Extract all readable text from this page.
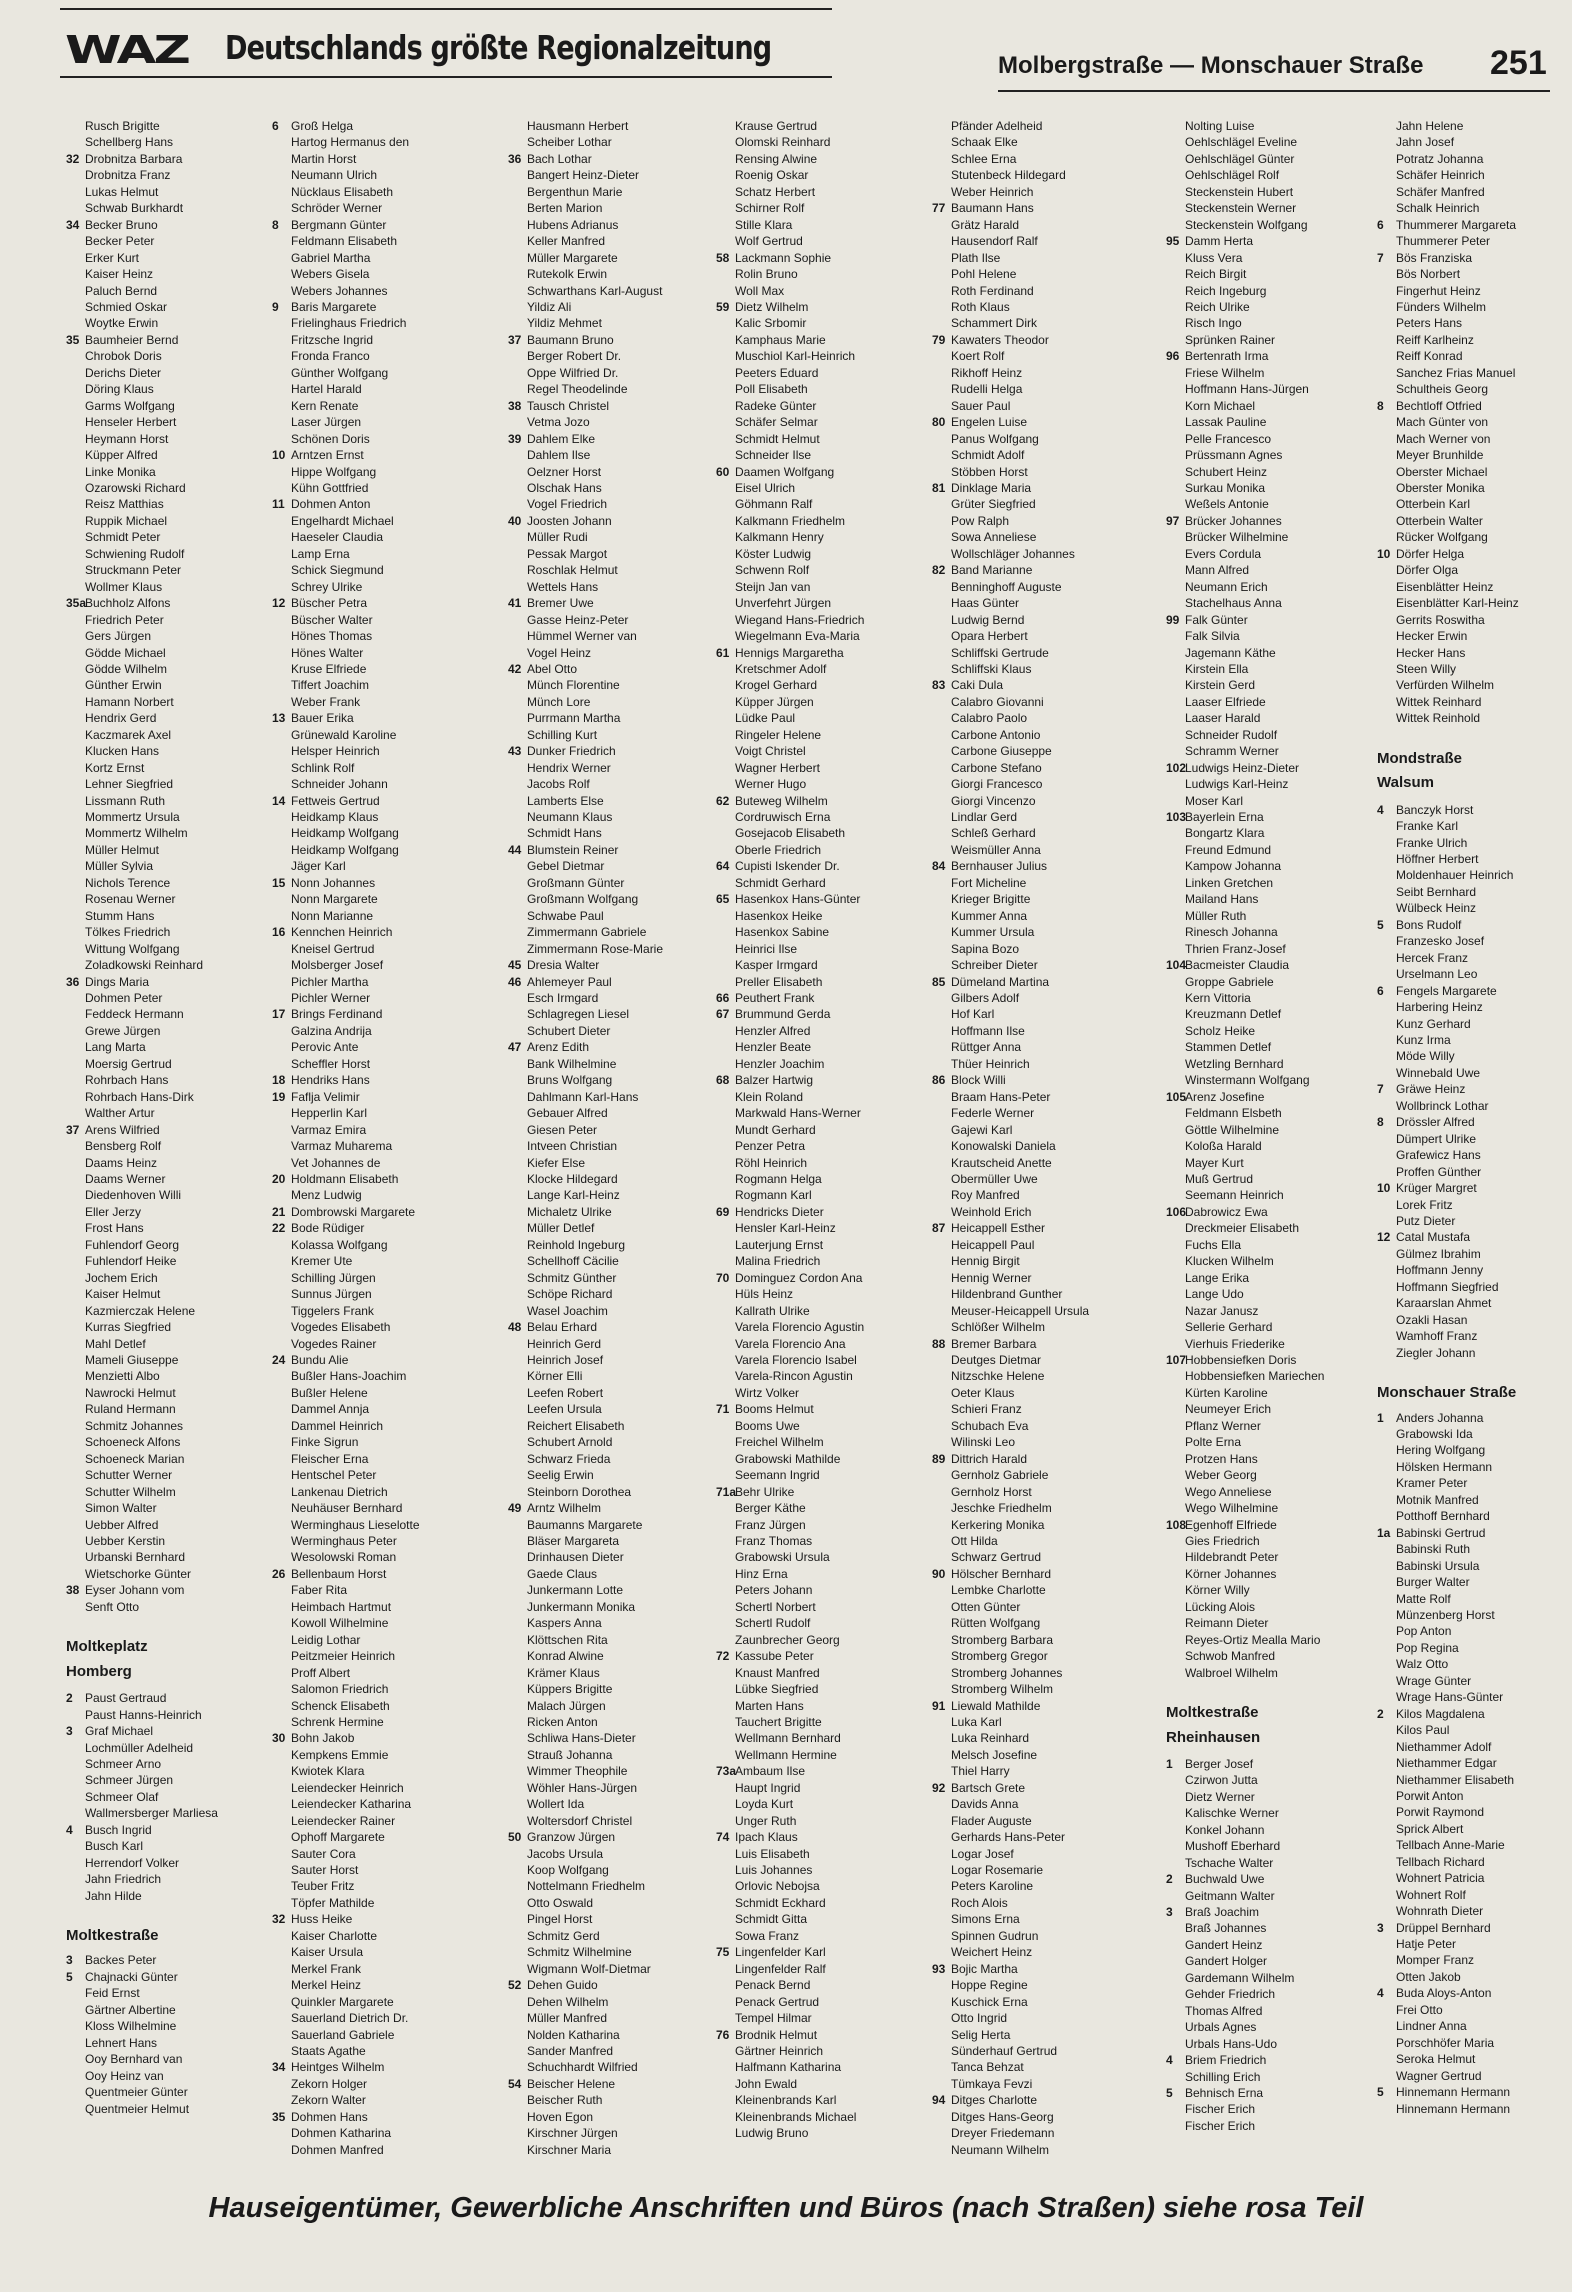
WAZ Deutschlands größte Regionalzeitung	Molbergstraße — Monschauer Straße 251
Rusch Brigitte
Schellberg Hans
32 Drobnitza Barbara
Drobnitza Franz
Lukas Helmut
Schwab Burkhardt
34 Becker Bruno
Becker Peter
Erker Kurt
Kaiser Heinz
Paluch Bernd
Schmied Oskar
Woytke Erwin
35 Baumheier Bernd
Chrobok Doris
Derichs Dieter
Döring Klaus
Garms Wolfgang
Henseler Herbert
Heymann Horst
Küpper Alfred
Linke Monika
Ozarowski Richard
Reisz Matthias
Ruppik Michael
Schmidt Peter
Schwiening Rudolf
Struckmann Peter
Wollmer Klaus
35aBuchholz Alfons
Friedrich Peter
Gers Jürgen
Gödde Michael
Gödde Wilhelm
Günther Erwin
Hamann Norbert
Hendrix Gerd
Kaczmarek Axel
Klucken Hans
Kortz Ernst
Lehner Siegfried
Lissmann Ruth
Mommertz Ursula
Mommertz Wilhelm
Müller Helmut
Müller Sylvia
Nichols Terence
Rosenau Werner
Stumm Hans
Tölkes Friedrich
Wittung Wolfgang
Zoladkowski Reinhard
36 Dings Maria
Dohmen Peter
Feddeck Hermann
Grewe Jürgen
Lang Marta
Moersig Gertrud
Rohrbach Hans
Rohrbach Hans-Dirk
Walther Artur
37 Arens Wilfried
Bensberg Rolf
Daams Heinz
Daams Werner
Diedenhoven Willi
Eller Jerzy
Frost Hans
Fuhlendorf Georg
Fuhlendorf Heike
Jochem Erich
Kaiser Helmut
Kazmierczak Helene
Kurras Siegfried
Mahl Detlef
Mameli Giuseppe
Menzietti Albo
Nawrocki Helmut
Ruland Hermann
Schmitz Johannes
Schoeneck Alfons
Schoeneck Marian
Schutter Werner
Schutter Wilhelm
Simon Walter
Uebber Alfred
Uebber Kerstin
Urbanski Bernhard
Wietschorke Günter
38 Eyser Johann vom
Senft Otto
Moltkeplatz
Homberg
2 Paust Gertraud
Paust Hanns-Heinrich
3 Graf Michael
Lochmüller Adelheid
Schmeer Arno
Schmeer Jürgen
Schmeer Olaf
Wallmersberger Marliesa
4 Busch Ingrid
Busch Karl
Herrendorf Volker
Jahn Friedrich
Jahn Hilde
Moltkestraße
3 Backes Peter
5 Chajnacki Günter
Feid Ernst
Gärtner Albertine
Kloss Wilhelmine
Lehnert Hans
Ooy Bernhard van
Ooy Heinz van
Quentmeier Günter
Quentmeier Helmut
6 Groß Helga
Hartog Hermanus den
Martin Horst
Neumann Ulrich
Nücklaus Elisabeth
Schröder Werner
8 Bergmann Günter
Feldmann Elisabeth
Gabriel Martha
Webers Gisela
Webers Johannes
9 Baris Margarete
Frielinghaus Friedrich
Fritzsche Ingrid
Fronda Franco
Günther Wolfgang
Hartel Harald
Kern Renate
Laser Jürgen
Schönen Doris
10 Arntzen Ernst
Hippe Wolfgang
Kühn Gottfried
11 Dohmen Anton
Engelhardt Michael
Haeseler Claudia
Lamp Erna
Schick Siegmund
Schrey Ulrike
12 Büscher Petra
Büscher Walter
Hönes Thomas
Hönes Walter
Kruse Elfriede
Tiffert Joachim
Weber Frank
13 Bauer Erika
Grünewald Karoline
Helsper Heinrich
Schlink Rolf
Schneider Johann
14 Fettweis Gertrud
Heidkamp Klaus
Heidkamp Wolfgang
Heidkamp Wolfgang
Jäger Karl
15 Nonn Johannes
Nonn Margarete
Nonn Marianne
16 Kennchen Heinrich
Kneisel Gertrud
Molsberger Josef
Pichler Martha
Pichler Werner
17 Brings Ferdinand
Galzina Andrija
Perovic Ante
Scheffler Horst
18 Hendriks Hans
19 Faflja Velimir
Hepperlin Karl
Varmaz Emira
Varmaz Muharema
Vet Johannes de
20 Holdmann Elisabeth
Menz Ludwig
21 Dombrowski Margarete
22 Bode Rüdiger
Kolassa Wolfgang
Kremer Ute
Schilling Jürgen
Sunnus Jürgen
Tiggelers Frank
Vogedes Elisabeth
Vogedes Rainer
24 Bundu Alie
Bußler Hans-Joachim
Bußler Helene
Dammel Annja
Dammel Heinrich
Finke Sigrun
Fleischer Erna
Hentschel Peter
Lankenau Dietrich
Neuhäuser Bernhard
Werminghaus Lieselotte
Werminghaus Peter
Wesolowski Roman
26 Bellenbaum Horst
Faber Rita
Heimbach Hartmut
Kowoll Wilhelmine
Leidig Lothar
Peitzmeier Heinrich
Proff Albert
Salomon Friedrich
Schenck Elisabeth
Schrenk Hermine
30 Bohn Jakob
Kempkens Emmie
Kwiotek Klara
Leiendecker Heinrich
Leiendecker Katharina
Leiendecker Rainer
Ophoff Margarete
Sauter Cora
Sauter Horst
Teuber Fritz
Töpfer Mathilde
32 Huss Heike
Kaiser Charlotte
Kaiser Ursula
Merkel Frank
Merkel Heinz
Quinkler Margarete
Sauerland Dietrich Dr.
Sauerland Gabriele
Staats Agathe
34 Heintges Wilhelm
Zekorn Holger
Zekorn Walter
35 Dohmen Hans
Dohmen Katharina
Dohmen Manfred
Hausmann Herbert
Scheiber Lothar
36 Bach Lothar
Bangert Heinz-Dieter
Bergenthun Marie
Berten Marion
Hubens Adrianus
Keller Manfred
Müller Margarete
Rutekolk Erwin
Schwarthans Karl-August
Yildiz Ali
Yildiz Mehmet
37 Baumann Bruno
Berger Robert Dr.
Oppe Wilfried Dr.
Regel Theodelinde
38 Tausch Christel
Vetma Jozo
39 Dahlem Elke
Dahlem Ilse
Oelzner Horst
Olschak Hans
Vogel Friedrich
40 Joosten Johann
Müller Rudi
Pessak Margot
Roschlak Helmut
Wettels Hans
41 Bremer Uwe
Gasse Heinz-Peter
Hümmel Werner van
Vogel Heinz
42 Abel Otto
Münch Florentine
Münch Lore
Purrmann Martha
Schilling Kurt
43 Dunker Friedrich
Hendrix Werner
Jacobs Rolf
Lamberts Else
Neumann Klaus
Schmidt Hans
44 Blumstein Reiner
Gebel Dietmar
Großmann Günter
Großmann Wolfgang
Schwabe Paul
Zimmermann Gabriele
Zimmermann Rose-Marie
45 Dresia Walter
46 Ahlemeyer Paul
Esch Irmgard
Schlagregen Liesel
Schubert Dieter
47 Arenz Edith
Bank Wilhelmine
Bruns Wolfgang
Dahlmann Karl-Hans
Gebauer Alfred
Giesen Peter
Intveen Christian
Kiefer Else
Klocke Hildegard
Lange Karl-Heinz
Michaletz Ulrike
Müller Detlef
Reinhold Ingeburg
Schellhoff Cäcilie
Schmitz Günther
Schöpe Richard
Wasel Joachim
48 Belau Erhard
Heinrich Gerd
Heinrich Josef
Körner Elli
Leefen Robert
Leefen Ursula
Reichert Elisabeth
Schubert Arnold
Schwarz Frieda
Seelig Erwin
Steinborn Dorothea
49 Arntz Wilhelm
Baumanns Margarete
Bläser Margareta
Drinhausen Dieter
Gaede Claus
Junkermann Lotte
Junkermann Monika
Kaspers Anna
Klöttschen Rita
Konrad Alwine
Krämer Klaus
Küppers Brigitte
Malach Jürgen
Ricken Anton
Schliwa Hans-Dieter
Strauß Johanna
Wimmer Theophile
Wöhler Hans-Jürgen
Wollert Ida
Woltersdorf Christel
50 Granzow Jürgen
Jacobs Ursula
Koop Wolfgang
Nottelmann Friedhelm
Otto Oswald
Pingel Horst
Schmitz Gerd
Schmitz Wilhelmine
Wigmann Wolf-Dietmar
52 Dehen Guido
Dehen Wilhelm
Müller Manfred
Nolden Katharina
Sander Manfred
Schuchhardt Wilfried
54 Beischer Helene
Beischer Ruth
Hoven Egon
Kirschner Jürgen
Kirschner Maria
Krause Gertrud
Olomski Reinhard
Rensing Alwine
Roenig Oskar
Schatz Herbert
Schirner Rolf
Stille Klara
Wolf Gertrud
58 Lackmann Sophie
Rolin Bruno
Woll Max
59 Dietz Wilhelm
Kalic Srbomir
Kamphaus Marie
Muschiol Karl-Heinrich
Peeters Eduard
Poll Elisabeth
Radeke Günter
Schäfer Selmar
Schmidt Helmut
Schneider Ilse
60 Daamen Wolfgang
Eisel Ulrich
Göhmann Ralf
Kalkmann Friedhelm
Kalkmann Henry
Köster Ludwig
Schwenn Rolf
Steijn Jan van
Unverfehrt Jürgen
Wiegand Hans-Friedrich
Wiegelmann Eva-Maria
61 Hennigs Margaretha
Kretschmer Adolf
Krogel Gerhard
Küpper Jürgen
Lüdke Paul
Ringeler Helene
Voigt Christel
Wagner Herbert
Werner Hugo
62 Buteweg Wilhelm
Cordruwisch Erna
Gosejacob Elisabeth
Oberle Friedrich
64 Cupisti Iskender Dr.
Schmidt Gerhard
65 Hasenkox Hans-Günter
Hasenkox Heike
Hasenkox Sabine
Heinrici Ilse
Kasper Irmgard
Preller Elisabeth
66 Peuthert Frank
67 Brummund Gerda
Henzler Alfred
Henzler Beate
Henzler Joachim
68 Balzer Hartwig
Klein Roland
Markwald Hans-Werner
Mundt Gerhard
Penzer Petra
Röhl Heinrich
Rogmann Helga
Rogmann Karl
69 Hendricks Dieter
Hensler Karl-Heinz
Lauterjung Ernst
Malina Friedrich
70 Dominguez Cordon Ana
Hüls Heinz
Kallrath Ulrike
Varela Florencio Agustin
Varela Florencio Ana
Varela Florencio Isabel
Varela-Rincon Agustin
Wirtz Volker
71 Booms Helmut
Booms Uwe
Freichel Wilhelm
Grabowski Mathilde
Seemann Ingrid
71aBehr Ulrike
Berger Käthe
Franz Jürgen
Franz Thomas
Grabowski Ursula
Hinz Erna
Peters Johann
Schertl Norbert
Schertl Rudolf
Zaunbrecher Georg
72 Kassube Peter
Knaust Manfred
Lübke Siegfried
Marten Hans
Tauchert Brigitte
Wellmann Bernhard
Wellmann Hermine
73aAmbaum Ilse
Haupt Ingrid
Loyda Kurt
Unger Ruth
74 Ipach Klaus
Luis Elisabeth
Luis Johannes
Orlovic Nebojsa
Schmidt Eckhard
Schmidt Gitta
Sowa Franz
75 Lingenfelder Karl
Lingenfelder Ralf
Penack Bernd
Penack Gertrud
Tempel Hilmar
76 Brodnik Helmut
Gärtner Heinrich
Halfmann Katharina
John Ewald
Kleinenbrands Karl
Kleinenbrands Michael
Ludwig Bruno
Pfänder Adelheid
Schaak Elke
Schlee Erna
Stutenbeck Hildegard
Weber Heinrich
77 Baumann Hans
Grätz Harald
Hausendorf Ralf
Plath Ilse
Pohl Helene
Roth Ferdinand
Roth Klaus
Schammert Dirk
79 Kawaters Theodor
Koert Rolf
Rikhoff Heinz
Rudelli Helga
Sauer Paul
80 Engelen Luise
Panus Wolfgang
Schmidt Adolf
Stöbben Horst
81 Dinklage Maria
Grüter Siegfried
Pow Ralph
Sowa Anneliese
Wollschläger Johannes
82 Band Marianne
Benninghoff Auguste
Haas Günter
Ludwig Bernd
Opara Herbert
Schliffski Gertrude
Schliffski Klaus
83 Caki Dula
Calabro Giovanni
Calabro Paolo
Carbone Antonio
Carbone Giuseppe
Carbone Stefano
Giorgi Francesco
Giorgi Vincenzo
Lindlar Gerd
Schleß Gerhard
Weismüller Anna
84 Bernhauser Julius
Fort Micheline
Krieger Brigitte
Kummer Anna
Kummer Ursula
Sapina Bozo
Schreiber Dieter
85 Dümeland Martina
Gilbers Adolf
Hof Karl
Hoffmann Ilse
Rüttger Anna
Thüer Heinrich
86 Block Willi
Braam Hans-Peter
Federle Werner
Gajewi Karl
Konowalski Daniela
Krautscheid Anette
Obermüller Uwe
Roy Manfred
Weinhold Erich
87 Heicappell Esther
Heicappell Paul
Hennig Birgit
Hennig Werner
Hildenbrand Gunther
Meuser-Heicappell Ursula
Schlößer Wilhelm
88 Bremer Barbara
Deutges Dietmar
Nitzschke Helene
Oeter Klaus
Schieri Franz
Schubach Eva
Wilinski Leo
89 Dittrich Harald
Gernholz Gabriele
Gernholz Horst
Jeschke Friedhelm
Kerkering Monika
Ott Hilda
Schwarz Gertrud
90 Hölscher Bernhard
Lembke Charlotte
Otten Günter
Rütten Wolfgang
Stromberg Barbara
Stromberg Gregor
Stromberg Johannes
Stromberg Wilhelm
91 Liewald Mathilde
Luka Karl
Luka Reinhard
Melsch Josefine
Thiel Harry
92 Bartsch Grete
Davids Anna
Flader Auguste
Gerhards Hans-Peter
Logar Josef
Logar Rosemarie
Peters Karoline
Roch Alois
Simons Erna
Spinnen Gudrun
Weichert Heinz
93 Bojic Martha
Hoppe Regine
Kuschick Erna
Otto Ingrid
Selig Herta
Sünderhauf Gertrud
Tanca Behzat
Tümkaya Fevzi
94 Ditges Charlotte
Ditges Hans-Georg
Dreyer Friedemann
Neumann Wilhelm
Nolting Luise
Oehlschlägel Eveline
Oehlschlägel Günter
Oehlschlägel Rolf
Steckenstein Hubert
Steckenstein Werner
Steckenstein Wolfgang
95 Damm Herta
Kluss Vera
Reich Birgit
Reich Ingeburg
Reich Ulrike
Risch Ingo
Sprünken Rainer
96 Bertenrath Irma
Friese Wilhelm
Hoffmann Hans-Jürgen
Korn Michael
Lassak Pauline
Pelle Francesco
Prüssmann Agnes
Schubert Heinz
Surkau Monika
Weßels Antonie
97 Brücker Johannes
Brücker Wilhelmine
Evers Cordula
Mann Alfred
Neumann Erich
Stachelhaus Anna
99 Falk Günter
Falk Silvia
Jagemann Käthe
Kirstein Ella
Kirstein Gerd
Laaser Elfriede
Laaser Harald
Schneider Rudolf
Schramm Werner
102Ludwigs Heinz-Dieter
Ludwigs Karl-Heinz
Moser Karl
103Bayerlein Erna
Bongartz Klara
Freund Edmund
Kampow Johanna
Linken Gretchen
Mailand Hans
Müller Ruth
Rinesch Johanna
Thrien Franz-Josef
104Bacmeister Claudia
Groppe Gabriele
Kern Vittoria
Kreuzmann Detlef
Scholz Heike
Stammen Detlef
Wetzling Bernhard
Winstermann Wolfgang
105Arenz Josefine
Feldmann Elsbeth
Göttle Wilhelmine
Koloßa Harald
Mayer Kurt
Muß Gertrud
Seemann Heinrich
106Dabrowicz Ewa
Dreckmeier Elisabeth
Fuchs Ella
Klucken Wilhelm
Lange Erika
Lange Udo
Nazar Janusz
Sellerie Gerhard
Vierhuis Friederike
107Hobbensiefken Doris
Hobbensiefken Mariechen
Kürten Karoline
Neumeyer Erich
Pflanz Werner
Polte Erna
Protzen Hans
Weber Georg
Wego Anneliese
Wego Wilhelmine
108Egenhoff Elfriede
Gies Friedrich
Hildebrandt Peter
Körner Johannes
Körner Willy
Lücking Alois
Reimann Dieter
Reyes-Ortiz Mealla Mario
Schwob Manfred
Walbroel Wilhelm
Moltkestraße
Rheinhausen
1 Berger Josef
Czirwon Jutta
Dietz Werner
Kalischke Werner
Konkel Johann
Mushoff Eberhard
Tschache Walter
2 Buchwald Uwe
Geitmann Walter
3 Braß Joachim
Braß Johannes
Gandert Heinz
Gandert Holger
Gardemann Wilhelm
Gehder Friedrich
Thomas Alfred
Urbals Agnes
Urbals Hans-Udo
4 Briem Friedrich
Schilling Erich
5 Behnisch Erna
Fischer Erich
Fischer Erich
Jahn Helene
Jahn Josef
Potratz Johanna
Schäfer Heinrich
Schäfer Manfred
Schalk Heinrich
6 Thummerer Margareta
Thummerer Peter
7 Bös Franziska
Bös Norbert
Fingerhut Heinz
Fünders Wilhelm
Peters Hans
Reiff Karlheinz
Reiff Konrad
Sanchez Frias Manuel
Schultheis Georg
8 Bechtloff Otfried
Mach Günter von
Mach Werner von
Meyer Brunhilde
Oberster Michael
Oberster Monika
Otterbein Karl
Otterbein Walter
Rücker Wolfgang
10 Dörfer Helga
Dörfer Olga
Eisenblätter Heinz
Eisenblätter Karl-Heinz
Gerrits Roswitha
Hecker Erwin
Hecker Hans
Steen Willy
Verfürden Wilhelm
Wittek Reinhard
Wittek Reinhold
Mondstraße
Walsum
4 Banczyk Horst
Franke Karl
Franke Ulrich
Höffner Herbert
Moldenhauer Heinrich
Seibt Bernhard
Wülbeck Heinz
5 Bons Rudolf
Franzesko Josef
Hercek Franz
Urselmann Leo
6 Fengels Margarete
Harbering Heinz
Kunz Gerhard
Kunz Irma
Möde Willy
Winnebald Uwe
7 Gräwe Heinz
Wollbrinck Lothar
8 Drössler Alfred
Dümpert Ulrike
Grafewicz Hans
Proffen Günther
10 Krüger Margret
Lorek Fritz
Putz Dieter
12 Catal Mustafa
Gülmez Ibrahim
Hoffmann Jenny
Hoffmann Siegfried
Karaarslan Ahmet
Ozakli Hasan
Wamhoff Franz
Ziegler Johann
Monschauer Straße
1 Anders Johanna
Grabowski Ida
Hering Wolfgang
Hölsken Hermann
Kramer Peter
Motnik Manfred
Potthoff Bernhard
1a Babinski Gertrud
Babinski Ruth
Babinski Ursula
Burger Walter
Matte Rolf
Münzenberg Horst
Pop Anton
Pop Regina
Walz Otto
Wrage Günter
Wrage Hans-Günter
2 Kilos Magdalena
Kilos Paul
Niethammer Adolf
Niethammer Edgar
Niethammer Elisabeth
Porwit Anton
Porwit Raymond
Sprick Albert
Tellbach Anne-Marie
Tellbach Richard
Wohnert Patricia
Wohnert Rolf
Wohnrath Dieter
3 Drüppel Bernhard
Hatje Peter
Momper Franz
Otten Jakob
4 Buda Aloys-Anton
Frei Otto
Lindner Anna
Porschhöfer Maria
Seroka Helmut
Wagner Gertrud
5 Hinnemann Hermann
Hinnemann Hermann
Hauseigentümer, Gewerbliche Anschriften und Büros (nach Straßen) siehe rosa Teil
